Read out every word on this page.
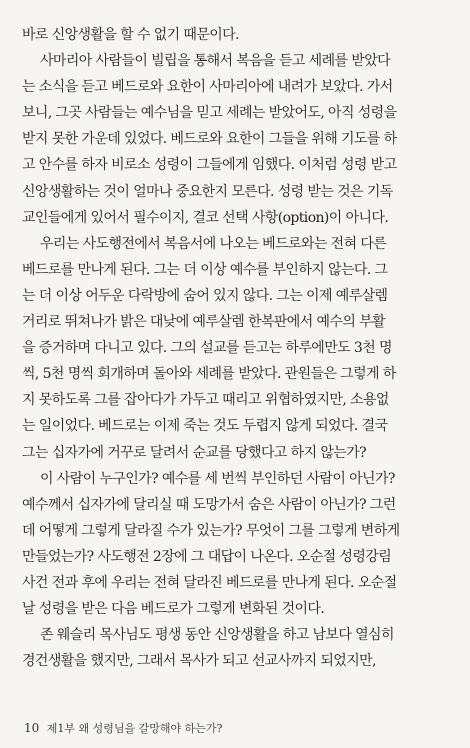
바로 신앙생활을 할 수 없기 때문이다.
사마리아 사람들이 빌립을 통해서 복음을 듣고 세례를 받았다
는 소식을 듣고 베드로와 요한이 사마리아에 내려가 보았다. 가서
보니, 그곳 사람들는 예수님을 믿고 세례는 받았어도, 아직 성령을
받지 못한 가운데 있었다. 베드로와 요한이 그들을 위해 기도를 하
고 안수를 하자 비로소 성령이 그들에게 임했다. 이처럼 성령 받고
신앙생활하는 것이 얼마나 중요한지 모른다. 성령 받는 것은 기독
교인들에게 있어서 필수이지, 결코 선택 사항(option)이 아니다.
우리는 사도행전에서 복음서에 나오는 베드로와는 전혀 다른
베드로를 만나게 된다. 그는 더 이상 예수를 부인하지 않는다. 그
는 더 이상 어두운 다락방에 숨어 있지 않다. 그는 이제 예루살렘
거리로 뛰쳐나가 밝은 대낮에 예루살렘 한복판에서 예수의 부활
을 증거하며 다니고 있다. 그의 설교를 듣고는 하루에만도 3천 명
씩, 5천 명씩 회개하며 돌아와 세례를 받았다. 관원들은 그렇게 하
지 못하도록 그를 잡아다가 가두고 때리고 위협하였지만, 소용없
는 일이었다. 베드로는 이제 죽는 것도 두렵지 않게 되었다. 결국
그는 십자가에 거꾸로 달려서 순교를 당했다고 하지 않는가?
이 사람이 누구인가? 예수를 세 번씩 부인하던 사람이 아닌가?
예수께서 십자가에 달리실 때 도망가서 숨은 사람이 아닌가? 그런
데 어떻게 그렇게 달라질 수가 있는가? 무엇이 그를 그렇게 변하게
만들었는가? 사도행전 2장에 그 대답이 나온다. 오순절 성령강림
사건 전과 후에 우리는 전혀 달라진 베드로를 만나게 된다. 오순절
날 성령을 받은 다음 베드로가 그렇게 변화된 것이다.
존 웨슬리 목사님도 평생 동안 신앙생활을 하고 남보다 열심히
경건생활을 했지만, 그래서 목사가 되고 선교사까지 되었지만,
10 제1부 왜 성령님을 갈망해야 하는가?
